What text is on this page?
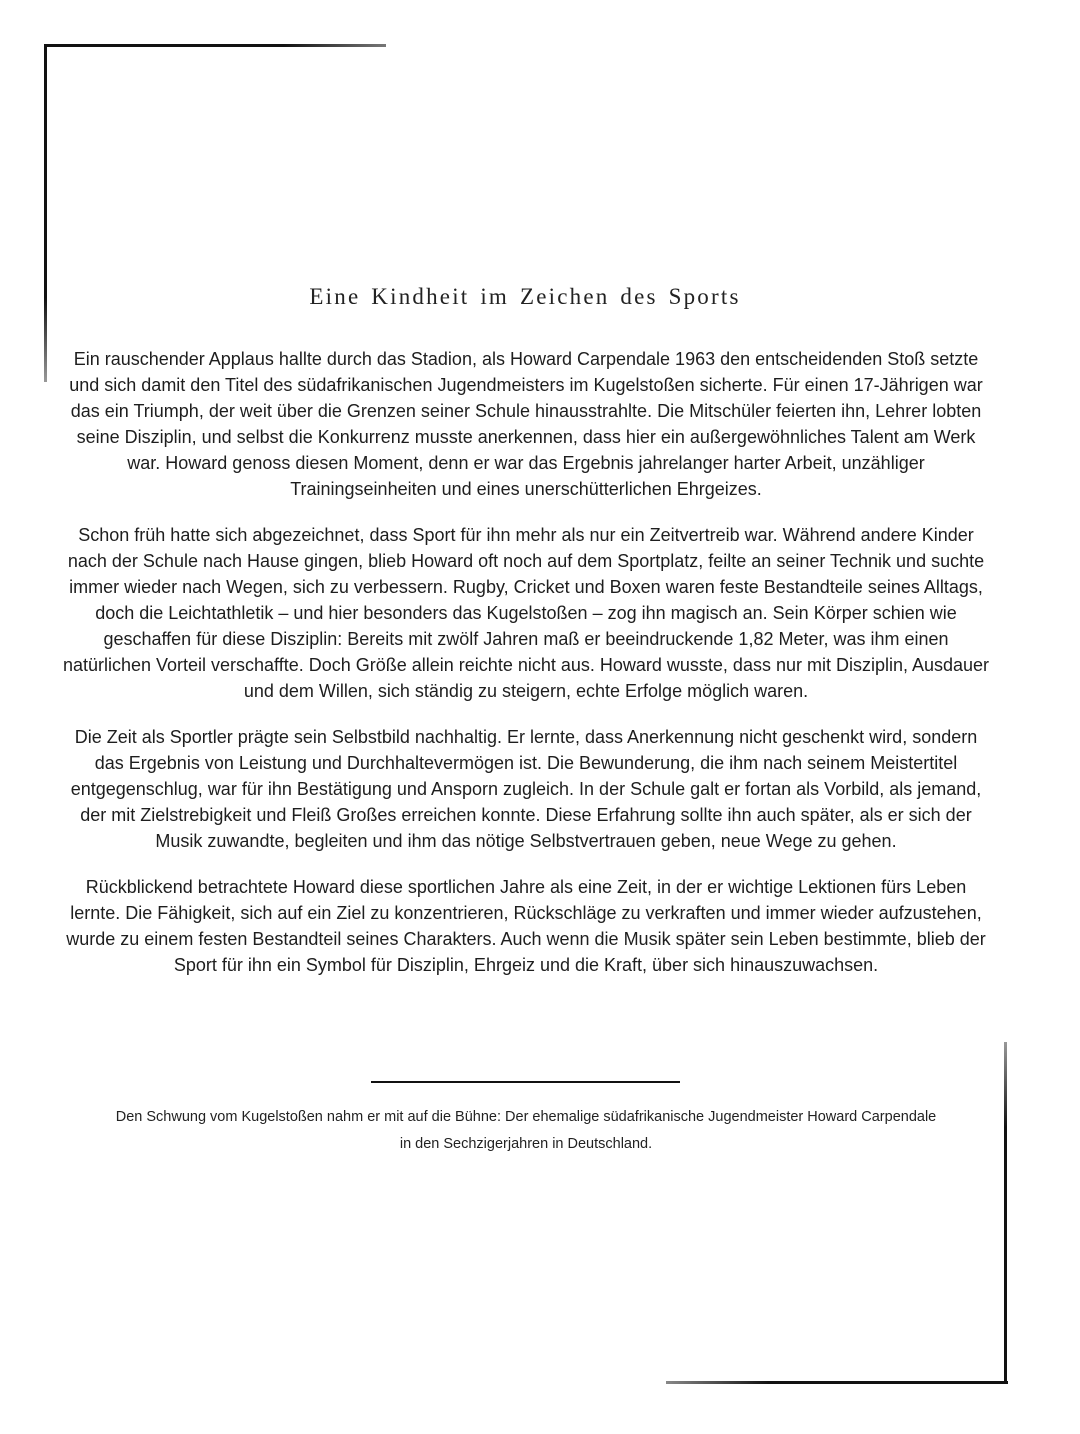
Eine Kindheit im Zeichen des Sports

Ein rauschender Applaus hallte durch das Stadion, als Howard Carpendale 1963 den entscheidenden Stoß setzte und sich damit den Titel des südafrikanischen Jugendmeisters im Kugelstoßen sicherte. Für einen 17-Jährigen war das ein Triumph, der weit über die Grenzen seiner Schule hinausstrahlte. Die Mitschüler feierten ihn, Lehrer lobten seine Disziplin, und selbst die Konkurrenz musste anerkennen, dass hier ein außergewöhnliches Talent am Werk war. Howard genoss diesen Moment, denn er war das Ergebnis jahrelanger harter Arbeit, unzähliger Trainingseinheiten und eines unerschütterlichen Ehrgeizes.

Schon früh hatte sich abgezeichnet, dass Sport für ihn mehr als nur ein Zeitvertreib war. Während andere Kinder nach der Schule nach Hause gingen, blieb Howard oft noch auf dem Sportplatz, feilte an seiner Technik und suchte immer wieder nach Wegen, sich zu verbessern. Rugby, Cricket und Boxen waren feste Bestandteile seines Alltags, doch die Leichtathletik – und hier besonders das Kugelstoßen – zog ihn magisch an. Sein Körper schien wie geschaffen für diese Disziplin: Bereits mit zwölf Jahren maß er beeindruckende 1,82 Meter, was ihm einen natürlichen Vorteil verschaffte. Doch Größe allein reichte nicht aus. Howard wusste, dass nur mit Disziplin, Ausdauer und dem Willen, sich ständig zu steigern, echte Erfolge möglich waren.

Die Zeit als Sportler prägte sein Selbstbild nachhaltig. Er lernte, dass Anerkennung nicht geschenkt wird, sondern das Ergebnis von Leistung und Durchhaltevermögen ist. Die Bewunderung, die ihm nach seinem Meistertitel entgegenschlug, war für ihn Bestätigung und Ansporn zugleich. In der Schule galt er fortan als Vorbild, als jemand, der mit Zielstrebigkeit und Fleiß Großes erreichen konnte. Diese Erfahrung sollte ihn auch später, als er sich der Musik zuwandte, begleiten und ihm das nötige Selbstvertrauen geben, neue Wege zu gehen.

Rückblickend betrachtete Howard diese sportlichen Jahre als eine Zeit, in der er wichtige Lektionen fürs Leben lernte. Die Fähigkeit, sich auf ein Ziel zu konzentrieren, Rückschläge zu verkraften und immer wieder aufzustehen, wurde zu einem festen Bestandteil seines Charakters. Auch wenn die Musik später sein Leben bestimmte, blieb der Sport für ihn ein Symbol für Disziplin, Ehrgeiz und die Kraft, über sich hinauszuwachsen.

Den Schwung vom Kugelstoßen nahm er mit auf die Bühne: Der ehemalige südafrikanische Jugendmeister Howard Carpendale
in den Sechzigerjahren in Deutschland.
